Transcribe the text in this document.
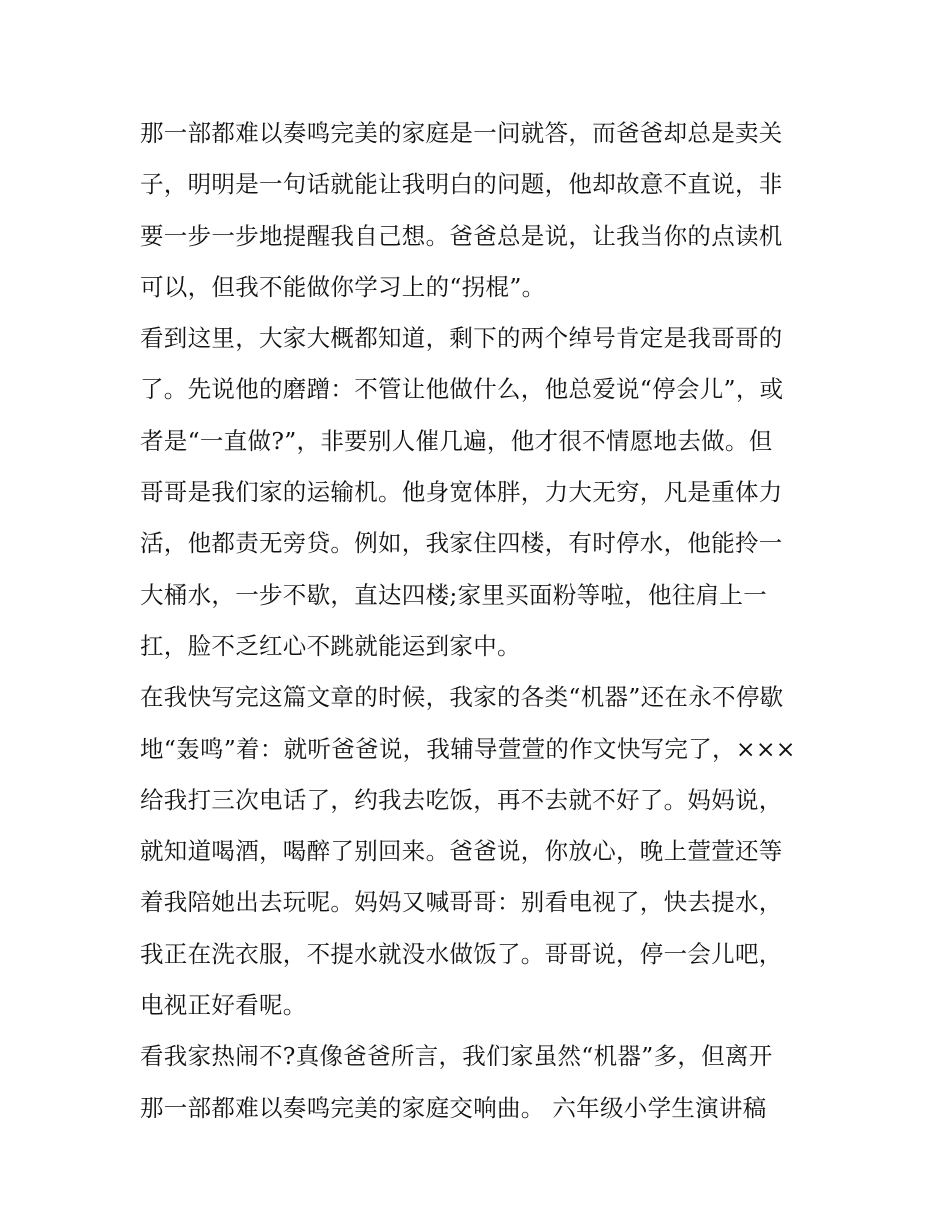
那一部都难以奏鸣完美的家庭是一问就答，而爸爸却总是卖关
子，明明是一句话就能让我明白的问题，他却故意不直说，非
要一步一步地提醒我自己想。爸爸总是说，让我当你的点读机
可以，但我不能做你学习上的“拐棍”。
看到这里，大家大概都知道，剩下的两个绰号肯定是我哥哥的
了。先说他的磨蹭：不管让他做什么，他总爱说“停会儿”，或
者是“一直做?”，非要别人催几遍，他才很不情愿地去做。但
哥哥是我们家的运输机。他身宽体胖，力大无穷，凡是重体力
活，他都责无旁贷。例如，我家住四楼，有时停水，他能拎一
大桶水，一步不歇，直达四楼;家里买面粉等啦，他往肩上一
扛，脸不乏红心不跳就能运到家中。
在我快写完这篇文章的时候，我家的各类“机器”还在永不停歇
地“轰鸣”着：就听爸爸说，我辅导萱萱的作文快写完了，×××
给我打三次电话了，约我去吃饭，再不去就不好了。妈妈说，
就知道喝酒，喝醉了别回来。爸爸说，你放心，晚上萱萱还等
着我陪她出去玩呢。妈妈又喊哥哥：别看电视了，快去提水，
我正在洗衣服，不提水就没水做饭了。哥哥说，停一会儿吧，
电视正好看呢。
看我家热闹不?真像爸爸所言，我们家虽然“机器”多，但离开
那一部都难以奏鸣完美的家庭交响曲。 六年级小学生演讲稿
